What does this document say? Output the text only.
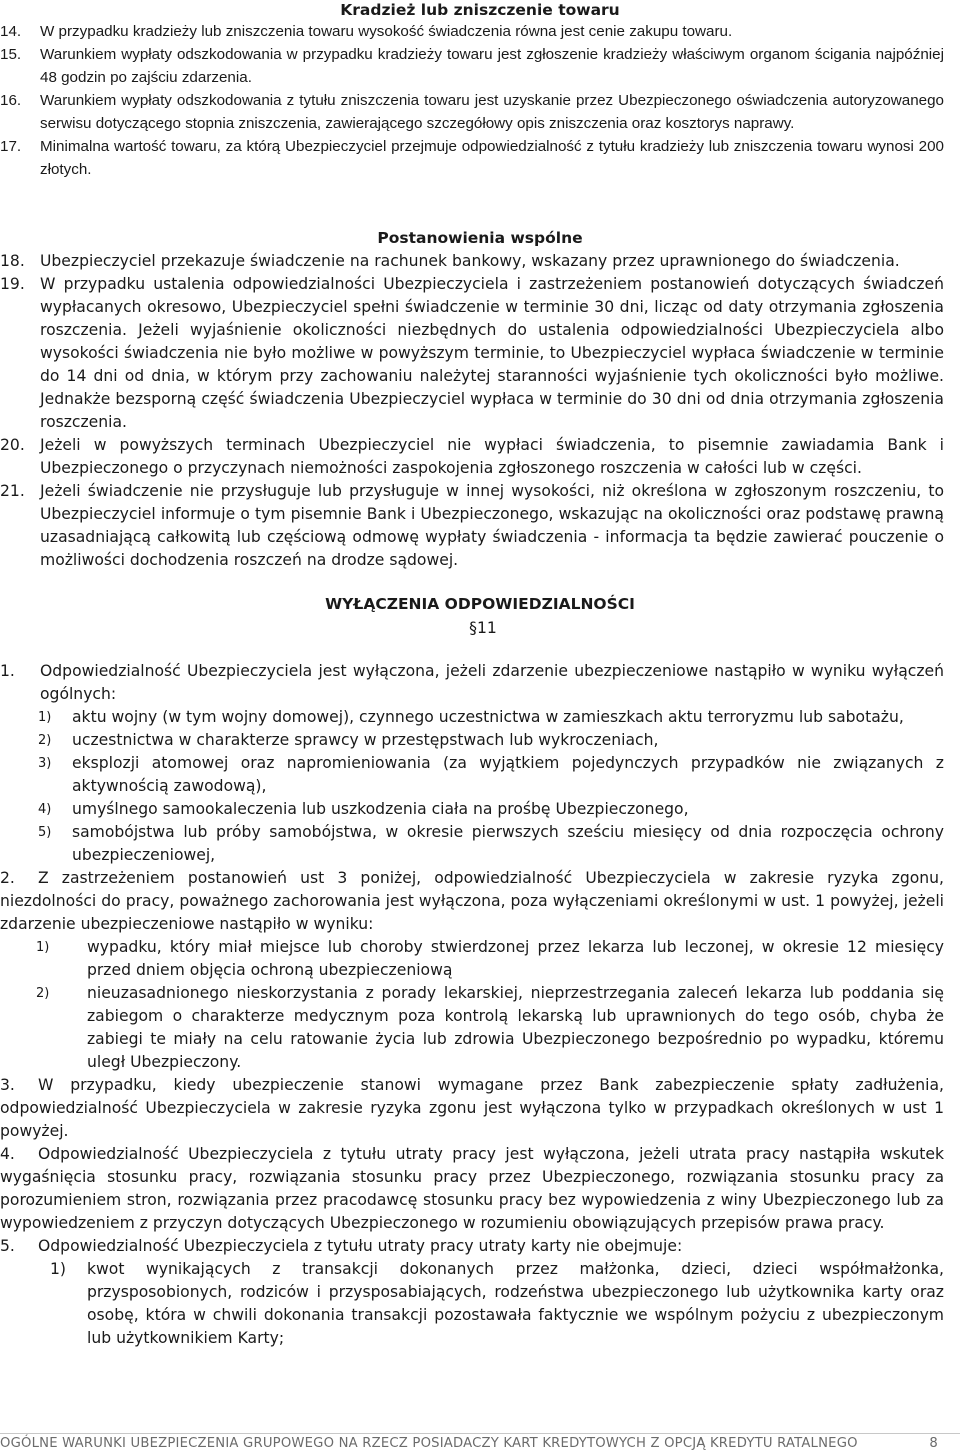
Kradzież lub zniszczenie towaru
14. W przypadku kradzieży lub zniszczenia towaru wysokość świadczenia równa jest cenie zakupu towaru.
15. Warunkiem wypłaty odszkodowania w przypadku kradzieży towaru jest zgłoszenie kradzieży właściwym organom ścigania najpóźniej 48 godzin po zajściu zdarzenia.
16. Warunkiem wypłaty odszkodowania z tytułu zniszczenia towaru jest uzyskanie przez Ubezpieczonego oświadczenia autoryzowanego serwisu dotyczącego stopnia zniszczenia, zawierającego szczegółowy opis zniszczenia oraz kosztorys naprawy.
17. Minimalna wartość towaru, za którą Ubezpieczyciel przejmuje odpowiedzialność z tytułu kradzieży lub zniszczenia towaru wynosi 200 złotych.
Postanowienia wspólne
18. Ubezpieczyciel przekazuje świadczenie na rachunek bankowy, wskazany przez uprawnionego do świadczenia.
19. W przypadku ustalenia odpowiedzialności Ubezpieczyciela i zastrzeżeniem postanowień dotyczących świadczeń wypłacanych okresowo, Ubezpieczyciel spełni świadczenie w terminie 30 dni, licząc od daty otrzymania zgłoszenia roszczenia. Jeżeli wyjaśnienie okoliczności niezbędnych do ustalenia odpowiedzialności Ubezpieczyciela albo wysokości świadczenia nie było możliwe w powyższym terminie, to Ubezpieczyciel wypłaca świadczenie w terminie do 14 dni od dnia, w którym przy zachowaniu należytej staranności wyjaśnienie tych okoliczności było możliwe. Jednakże bezsporną część świadczenia Ubezpieczyciel wypłaca w terminie do 30 dni od dnia otrzymania zgłoszenia roszczenia.
20. Jeżeli w powyższych terminach Ubezpieczyciel nie wypłaci świadczenia, to pisemnie zawiadamia Bank i Ubezpieczonego o przyczynach niemożności zaspokojenia zgłoszonego roszczenia w całości lub w części.
21. Jeżeli świadczenie nie przysługuje lub przysługuje w innej wysokości, niż określona w zgłoszonym roszczeniu, to Ubezpieczyciel informuje o tym pisemnie Bank i Ubezpieczonego, wskazując na okoliczności oraz podstawę prawną uzasadniającą całkowitą lub częściową odmowę wypłaty świadczenia - informacja ta będzie zawierać pouczenie o możliwości dochodzenia roszczeń na drodze sądowej.
WYŁĄCZENIA ODPOWIEDZIALNOŚCI
§11
1. Odpowiedzialność Ubezpieczyciela jest wyłączona, jeżeli zdarzenie ubezpieczeniowe nastąpiło w wyniku wyłączeń ogólnych:
1) aktu wojny (w tym wojny domowej), czynnego uczestnictwa w zamieszkach aktu terroryzmu lub sabotażu,
2) uczestnictwa w charakterze sprawcy w przestępstwach lub wykroczeniach,
3) eksplozji atomowej oraz napromieniowania (za wyjątkiem pojedynczych przypadków nie związanych z aktywnością zawodową),
4) umyślnego samookaleczenia lub uszkodzenia ciała na prośbę Ubezpieczonego,
5) samobójstwa lub próby samobójstwa, w okresie pierwszych sześciu miesięcy od dnia rozpoczęcia ochrony ubezpieczeniowej,
2.	Z zastrzeżeniem postanowień ust 3 poniżej, odpowiedzialność Ubezpieczyciela w zakresie ryzyka zgonu, niezdolności do pracy, poważnego zachorowania jest wyłączona, poza wyłączeniami określonymi w ust. 1 powyżej, jeżeli zdarzenie ubezpieczeniowe nastąpiło w wyniku:
1) wypadku, który miał miejsce lub choroby stwierdzonej przez lekarza lub leczonej, w okresie 12 miesięcy przed dniem objęcia ochroną ubezpieczeniową
2) nieuzasadnionego nieskorzystania z porady lekarskiej, nieprzestrzegania zaleceń lekarza lub poddania się zabiegom o charakterze medycznym poza kontrolą lekarską lub uprawnionych do tego osób, chyba że zabiegi te miały na celu ratowanie życia lub zdrowia Ubezpieczonego bezpośrednio po wypadku, któremu uległ Ubezpieczony.
3.	W przypadku, kiedy ubezpieczenie stanowi wymagane przez Bank zabezpieczenie spłaty zadłużenia, odpowiedzialność Ubezpieczyciela w zakresie ryzyka zgonu jest wyłączona tylko w przypadkach określonych w ust 1 powyżej.
4.	Odpowiedzialność Ubezpieczyciela z tytułu utraty pracy jest wyłączona, jeżeli utrata pracy nastąpiła wskutek wygaśnięcia stosunku pracy, rozwiązania stosunku pracy przez Ubezpieczonego, rozwiązania stosunku pracy za porozumieniem stron, rozwiązania przez pracodawcę stosunku pracy bez wypowiedzenia z winy Ubezpieczonego lub za wypowiedzeniem z przyczyn dotyczących Ubezpieczonego w rozumieniu obowiązujących przepisów prawa pracy.
5. Odpowiedzialność Ubezpieczyciela z tytułu utraty pracy utraty karty nie obejmuje:
1) kwot wynikających z transakcji dokonanych przez małżonka, dzieci, dzieci współmałżonka, przysposobionych, rodziców i przysposabiających, rodzeństwa ubezpieczonego lub użytkownika karty oraz osobę, która w chwili dokonania transakcji pozostawała faktycznie we wspólnym pożyciu z ubezpieczonym lub użytkownikiem Karty;
OGÓLNE WARUNKI UBEZPIECZENIA GRUPOWEGO NA RZECZ POSIADACZY KART KREDYTOWYCH Z OPCJĄ KREDYTU RATALNEGO	8
